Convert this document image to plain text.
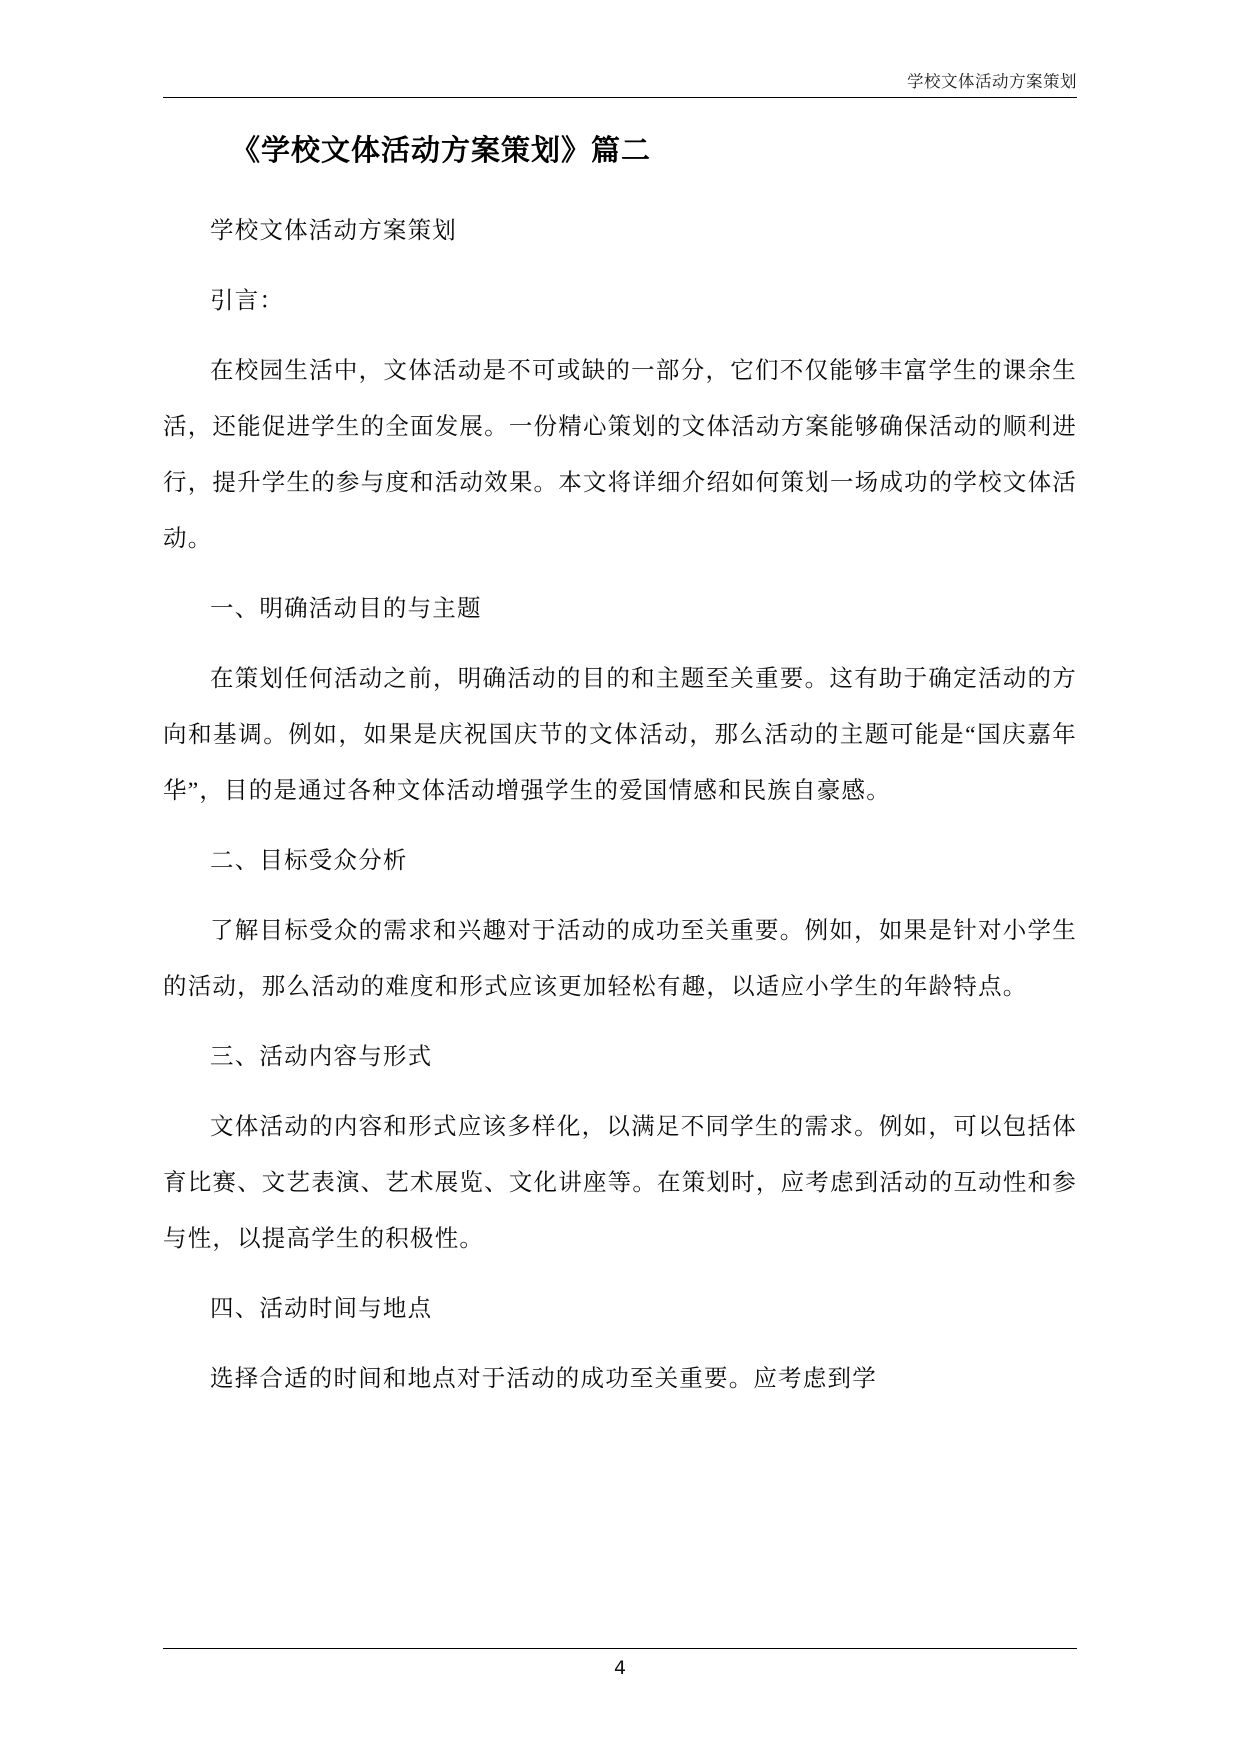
学校文体活动方案策划
《学校文体活动方案策划》篇二

学校文体活动方案策划

引言：

在校园生活中，文体活动是不可或缺的一部分，它们不仅能够丰富学生的课余生活，还能促进学生的全面发展。一份精心策划的文体活动方案能够确保活动的顺利进行，提升学生的参与度和活动效果。本文将详细介绍如何策划一场成功的学校文体活动。

一、明确活动目的与主题

在策划任何活动之前，明确活动的目的和主题至关重要。这有助于确定活动的方向和基调。例如，如果是庆祝国庆节的文体活动，那么活动的主题可能是“国庆嘉年华”，目的是通过各种文体活动增强学生的爱国情感和民族自豪感。

二、目标受众分析

了解目标受众的需求和兴趣对于活动的成功至关重要。例如，如果是针对小学生的活动，那么活动的难度和形式应该更加轻松有趣，以适应小学生的年龄特点。

三、活动内容与形式

文体活动的内容和形式应该多样化，以满足不同学生的需求。例如，可以包括体育比赛、文艺表演、艺术展览、文化讲座等。在策划时，应考虑到活动的互动性和参与性，以提高学生的积极性。

四、活动时间与地点

选择合适的时间和地点对于活动的成功至关重要。应考虑到学

4
